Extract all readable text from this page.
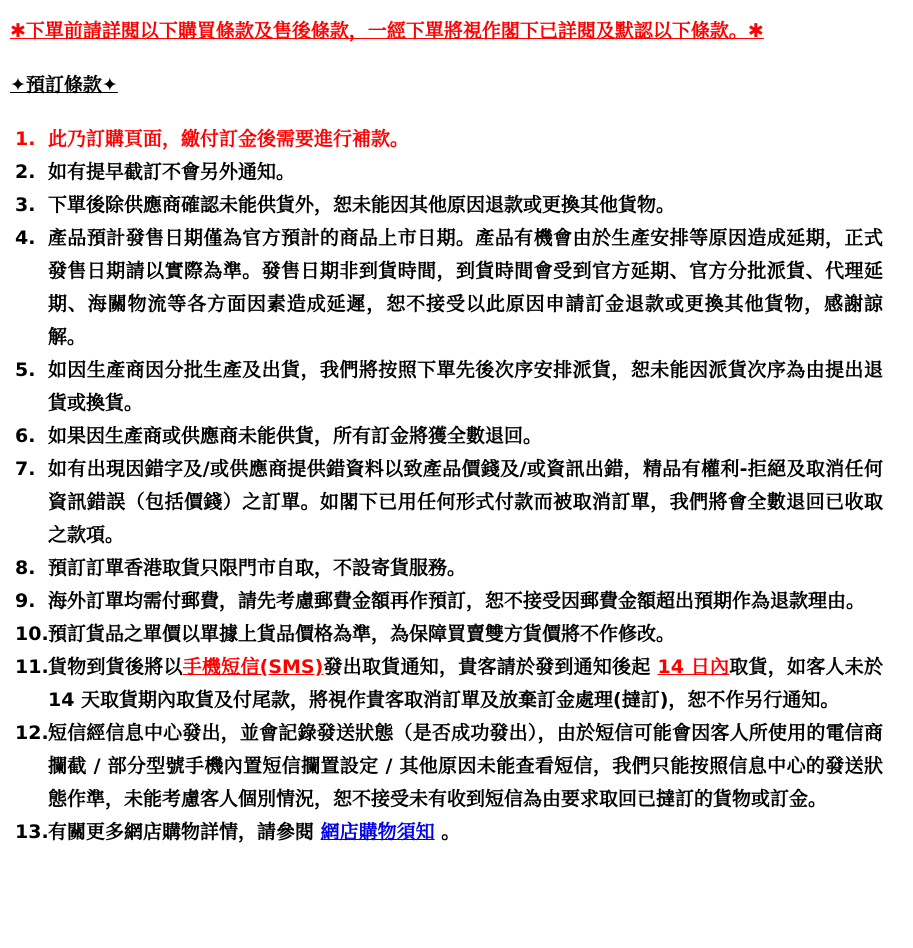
✱下單前請詳閱以下購買條款及售後條款，一經下單將視作閣下已詳閱及默認以下條款。✱

✦預訂條款✦

1. 此乃訂購頁面，繳付訂金後需要進行補款。
2. 如有提早截訂不會另外通知。
3. 下單後除供應商確認未能供貨外，恕未能因其他原因退款或更換其他貨物。
4. 產品預計發售日期僅為官方預計的商品上市日期。產品有機會由於生產安排等原因造成延期，正式發售日期請以實際為準。發售日期非到貨時間，到貨時間會受到官方延期、官方分批派貨、代理延期、海關物流等各方面因素造成延遲，恕不接受以此原因申請訂金退款或更換其他貨物，感謝諒解。
5. 如因生產商因分批生產及出貨，我們將按照下單先後次序安排派貨，恕未能因派貨次序為由提出退貨或換貨。
6. 如果因生產商或供應商未能供貨，所有訂金將獲全數退回。
7. 如有出現因錯字及/或供應商提供錯資料以致產品價錢及/或資訊出錯，精品有權利-拒絕及取消任何資訊錯誤（包括價錢）之訂單。如閣下已用任何形式付款而被取消訂單，我們將會全數退回已收取之款項。
8. 預訂訂單香港取貨只限門市自取，不設寄貨服務。
9. 海外訂單均需付郵費，請先考慮郵費金額再作預訂，恕不接受因郵費金額超出預期作為退款理由。
10. 預訂貨品之單價以單據上貨品價格為準，為保障買賣雙方貨價將不作修改。
11. 貨物到貨後將以手機短信(SMS)發出取貨通知，貴客請於發到通知後起 14 日內取貨，如客人未於14 天取貨期內取貨及付尾款，將視作貴客取消訂單及放棄訂金處理(撻訂)，恕不作另行通知。
12. 短信經信息中心發出，並會記錄發送狀態（是否成功發出），由於短信可能會因客人所使用的電信商攔截 / 部分型號手機內置短信攔置設定 / 其他原因未能查看短信，我們只能按照信息中心的發送狀態作準，未能考慮客人個別情況，恕不接受未有收到短信為由要求取回已撻訂的貨物或訂金。
13. 有關更多網店購物詳情，請參閱 網店購物須知 。
